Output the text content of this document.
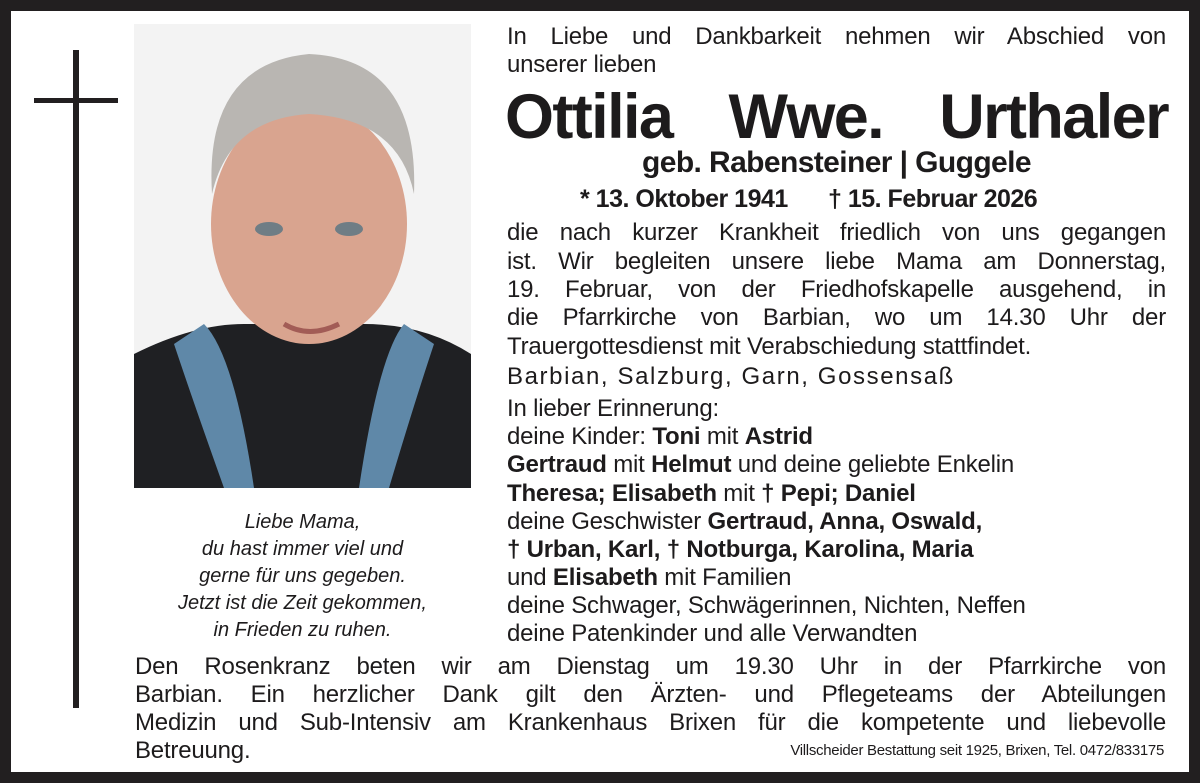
In Liebe und Dankbarkeit nehmen wir Abschied von
unserer lieben
die nach kurzer Krankheit friedlich von uns gegangen
ist. Wir begleiten unsere liebe Mama am Donnerstag,
19. Februar, von der Friedhofskapelle ausgehend, in
die Pfarrkirche von Barbian, wo um 14.30 Uhr der
Trauergottesdienst mit Verabschiedung stattfindet.
Barbian, Salzburg, Garn, Gossensaß
In lieber Erinnerung:
deine Kinder: Toni mit Astrid
Gertraud mit Helmut und deine geliebte Enkelin
Theresa; Elisabeth mit † Pepi; Daniel
deine Geschwister Gertraud, Anna, Oswald,
† Urban, Karl, † Notburga, Karolina, Maria
und Elisabeth mit Familien
deine Schwager, Schwägerinnen, Nichten, Neffen
deine Patenkinder und alle Verwandten
Liebe Mama,
du hast immer viel und
gerne für uns gegeben.
Jetzt ist die Zeit gekommen,
in Frieden zu ruhen.
Den Rosenkranz beten wir am Dienstag um 19.30 Uhr in der Pfarrkirche von
Barbian. Ein herzlicher Dank gilt den Ärzten- und Pflegeteams der Abteilungen
Medizin und Sub-Intensiv am Krankenhaus Brixen für die kompetente und liebevolle
Betreuung.
Ottilia Wwe. Urthaler
geb. Rabensteiner | Guggele
* 13. Oktober 1941 † 15. Februar 2026
Villscheider Bestattung seit 1925, Brixen, Tel. 0472/833175
